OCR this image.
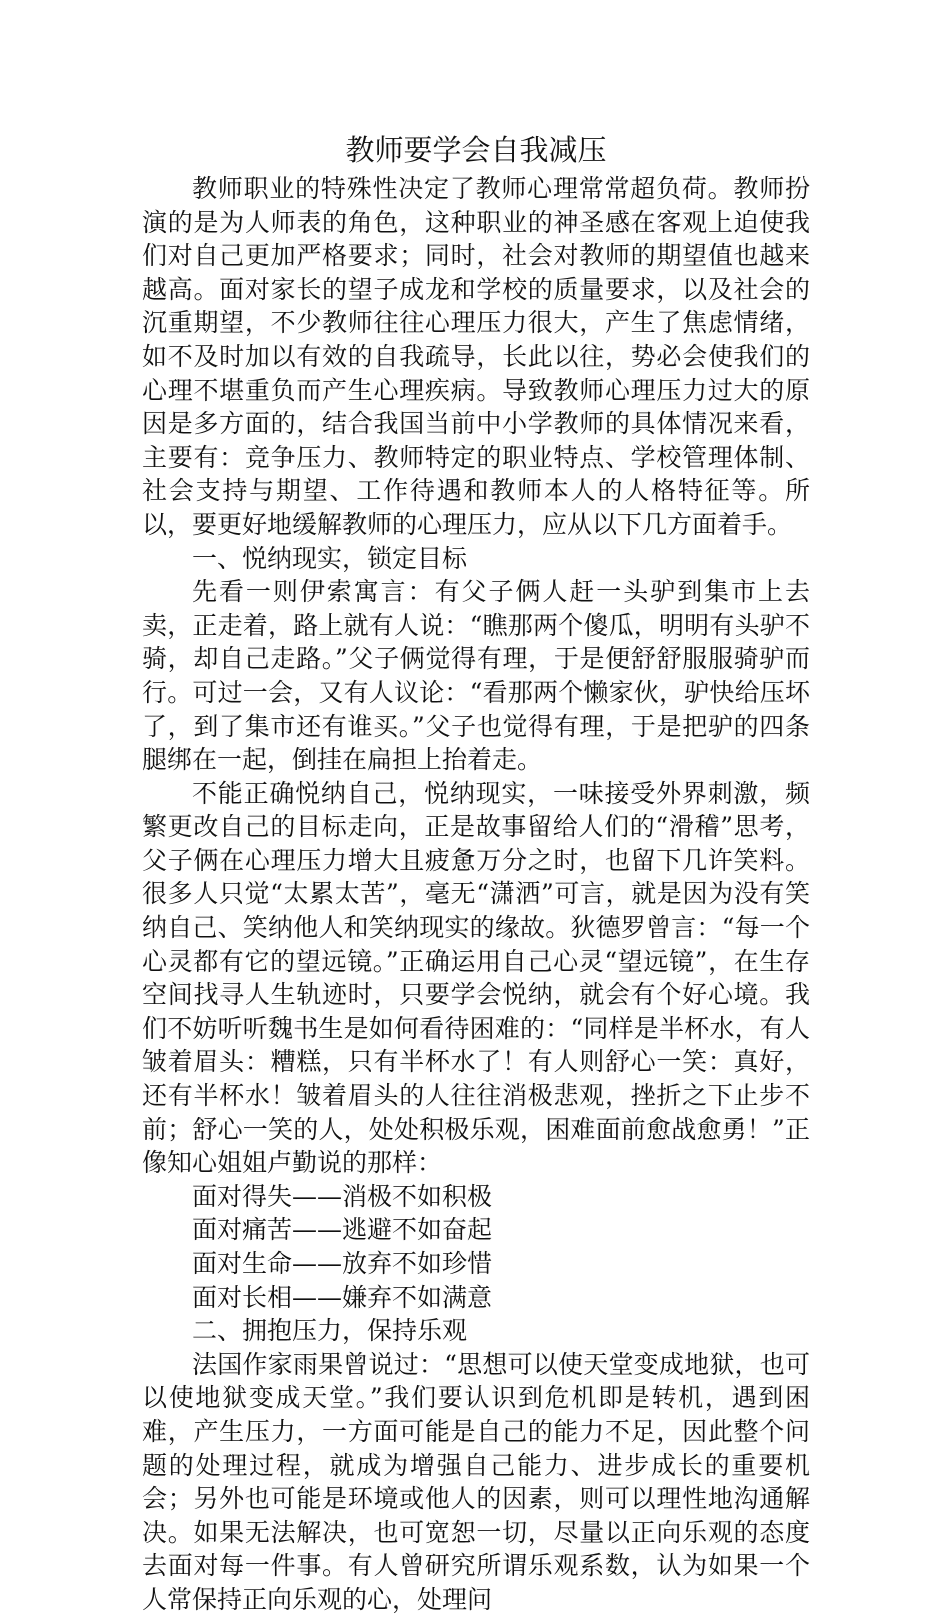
教师要学会自我减压

教师职业的特殊性决定了教师心理常常超负荷。教师扮演的是为人师表的角色，这种职业的神圣感在客观上迫使我们对自己更加严格要求；同时，社会对教师的期望值也越来越高。面对家长的望子成龙和学校的质量要求，以及社会的沉重期望，不少教师往往心理压力很大，产生了焦虑情绪，如不及时加以有效的自我疏导，长此以往，势必会使我们的心理不堪重负而产生心理疾病。导致教师心理压力过大的原因是多方面的，结合我国当前中小学教师的具体情况来看，主要有：竞争压力、教师特定的职业特点、学校管理体制、社会支持与期望、工作待遇和教师本人的人格特征等。所以，要更好地缓解教师的心理压力，应从以下几方面着手。

一、悦纳现实，锁定目标

先看一则伊索寓言：有父子俩人赶一头驴到集市上去卖，正走着，路上就有人说：“瞧那两个傻瓜，明明有头驴不骑，却自己走路。”父子俩觉得有理，于是便舒舒服服骑驴而行。可过一会，又有人议论：“看那两个懒家伙，驴快给压坏了，到了集市还有谁买。”父子也觉得有理，于是把驴的四条腿绑在一起，倒挂在扁担上抬着走。

不能正确悦纳自己，悦纳现实，一味接受外界刺激，频繁更改自己的目标走向，正是故事留给人们的“滑稽”思考，父子俩在心理压力增大且疲惫万分之时，也留下几许笑料。很多人只觉“太累太苦”，毫无“潇洒”可言，就是因为没有笑纳自己、笑纳他人和笑纳现实的缘故。狄德罗曾言：“每一个心灵都有它的望远镜。”正确运用自己心灵“望远镜”，在生存空间找寻人生轨迹时，只要学会悦纳，就会有个好心境。我们不妨听听魏书生是如何看待困难的：“同样是半杯水，有人皱着眉头：糟糕，只有半杯水了！有人则舒心一笑：真好，还有半杯水！皱着眉头的人往往消极悲观，挫折之下止步不前；舒心一笑的人，处处积极乐观，困难面前愈战愈勇！”正像知心姐姐卢勤说的那样：

面对得失——消极不如积极

面对痛苦——逃避不如奋起

面对生命——放弃不如珍惜

面对长相——嫌弃不如满意

二、拥抱压力，保持乐观

法国作家雨果曾说过：“思想可以使天堂变成地狱，也可以使地狱变成天堂。”我们要认识到危机即是转机，遇到困难，产生压力，一方面可能是自己的能力不足，因此整个问题的处理过程，就成为增强自己能力、进步成长的重要机会；另外也可能是环境或他人的因素，则可以理性地沟通解决。如果无法解决，也可宽恕一切，尽量以正向乐观的态度去面对每一件事。有人曾研究所谓乐观系数，认为如果一个人常保持正向乐观的心，处理问
